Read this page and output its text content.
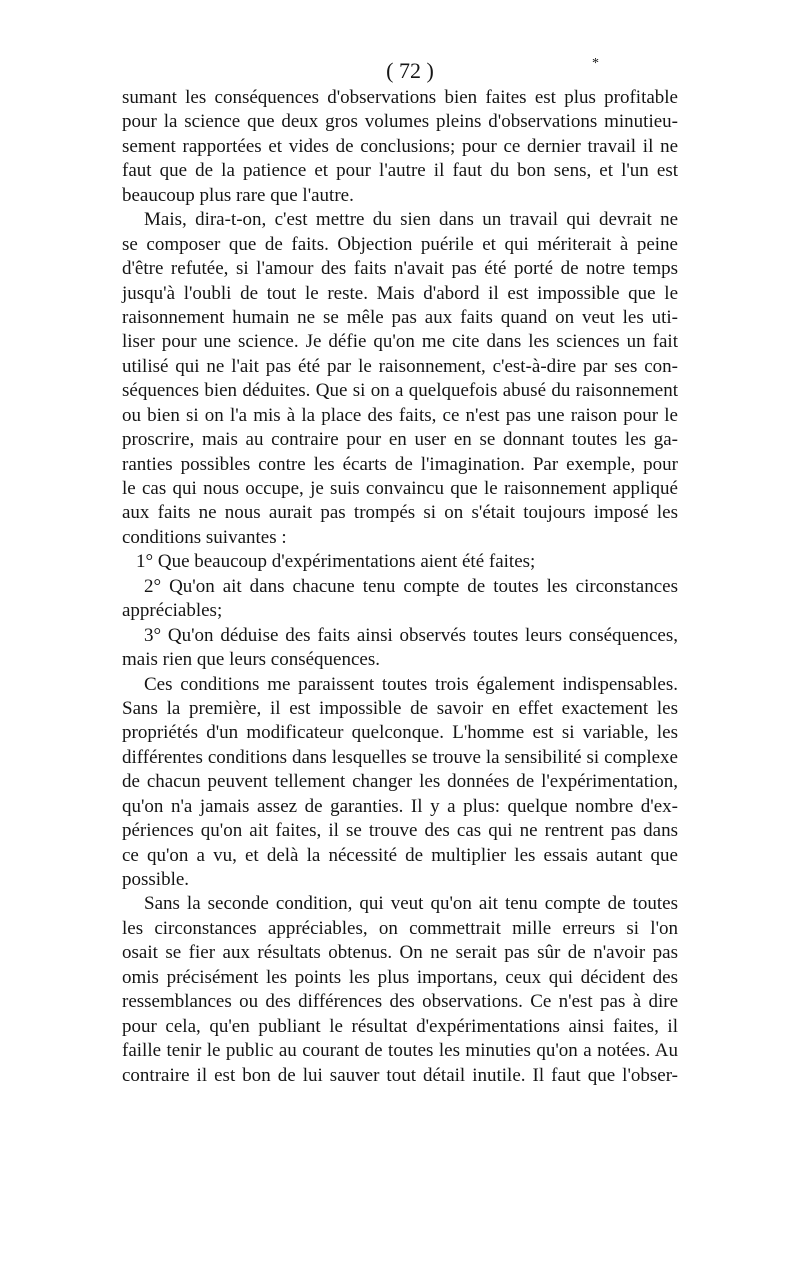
( 72 )	*
sumant les conséquences d'observations bien faites est plus profitable
pour la science que deux gros volumes pleins d'observations minutieu-
sement rapportées et vides de conclusions; pour ce dernier travail il ne
faut que de la patience et pour l'autre il faut du bon sens, et l'un est
beaucoup plus rare que l'autre.
Mais, dira-t-on, c'est mettre du sien dans un travail qui devrait ne
se composer que de faits. Objection puérile et qui mériterait à peine
d'être refutée, si l'amour des faits n'avait pas été porté de notre temps
jusqu'à l'oubli de tout le reste. Mais d'abord il est impossible que le
raisonnement humain ne se mêle pas aux faits quand on veut les uti-
liser pour une science. Je défie qu'on me cite dans les sciences un fait
utilisé qui ne l'ait pas été par le raisonnement, c'est-à-dire par ses con-
séquences bien déduites. Que si on a quelquefois abusé du raisonnement
ou bien si on l'a mis à la place des faits, ce n'est pas une raison pour le
proscrire, mais au contraire pour en user en se donnant toutes les ga-
ranties possibles contre les écarts de l'imagination. Par exemple, pour
le cas qui nous occupe, je suis convaincu que le raisonnement appliqué
aux faits ne nous aurait pas trompés si on s'était toujours imposé les
conditions suivantes :
1° Que beaucoup d'expérimentations aient été faites;
2° Qu'on ait dans chacune tenu compte de toutes les circonstances
appréciables;
3° Qu'on déduise des faits ainsi observés toutes leurs conséquences,
mais rien que leurs conséquences.
Ces conditions me paraissent toutes trois également indispensables.
Sans la première, il est impossible de savoir en effet exactement les
propriétés d'un modificateur quelconque. L'homme est si variable, les
différentes conditions dans lesquelles se trouve la sensibilité si complexe
de chacun peuvent tellement changer les données de l'expérimentation,
qu'on n'a jamais assez de garanties. Il y a plus: quelque nombre d'ex-
périences qu'on ait faites, il se trouve des cas qui ne rentrent pas dans
ce qu'on a vu, et delà la nécessité de multiplier les essais autant que
possible.
Sans la seconde condition, qui veut qu'on ait tenu compte de toutes
les circonstances appréciables, on commettrait mille erreurs si l'on
osait se fier aux résultats obtenus. On ne serait pas sûr de n'avoir pas
omis précisément les points les plus importans, ceux qui décident des
ressemblances ou des différences des observations. Ce n'est pas à dire
pour cela, qu'en publiant le résultat d'expérimentations ainsi faites, il
faille tenir le public au courant de toutes les minuties qu'on a notées. Au
contraire il est bon de lui sauver tout détail inutile. Il faut que l'obser-
